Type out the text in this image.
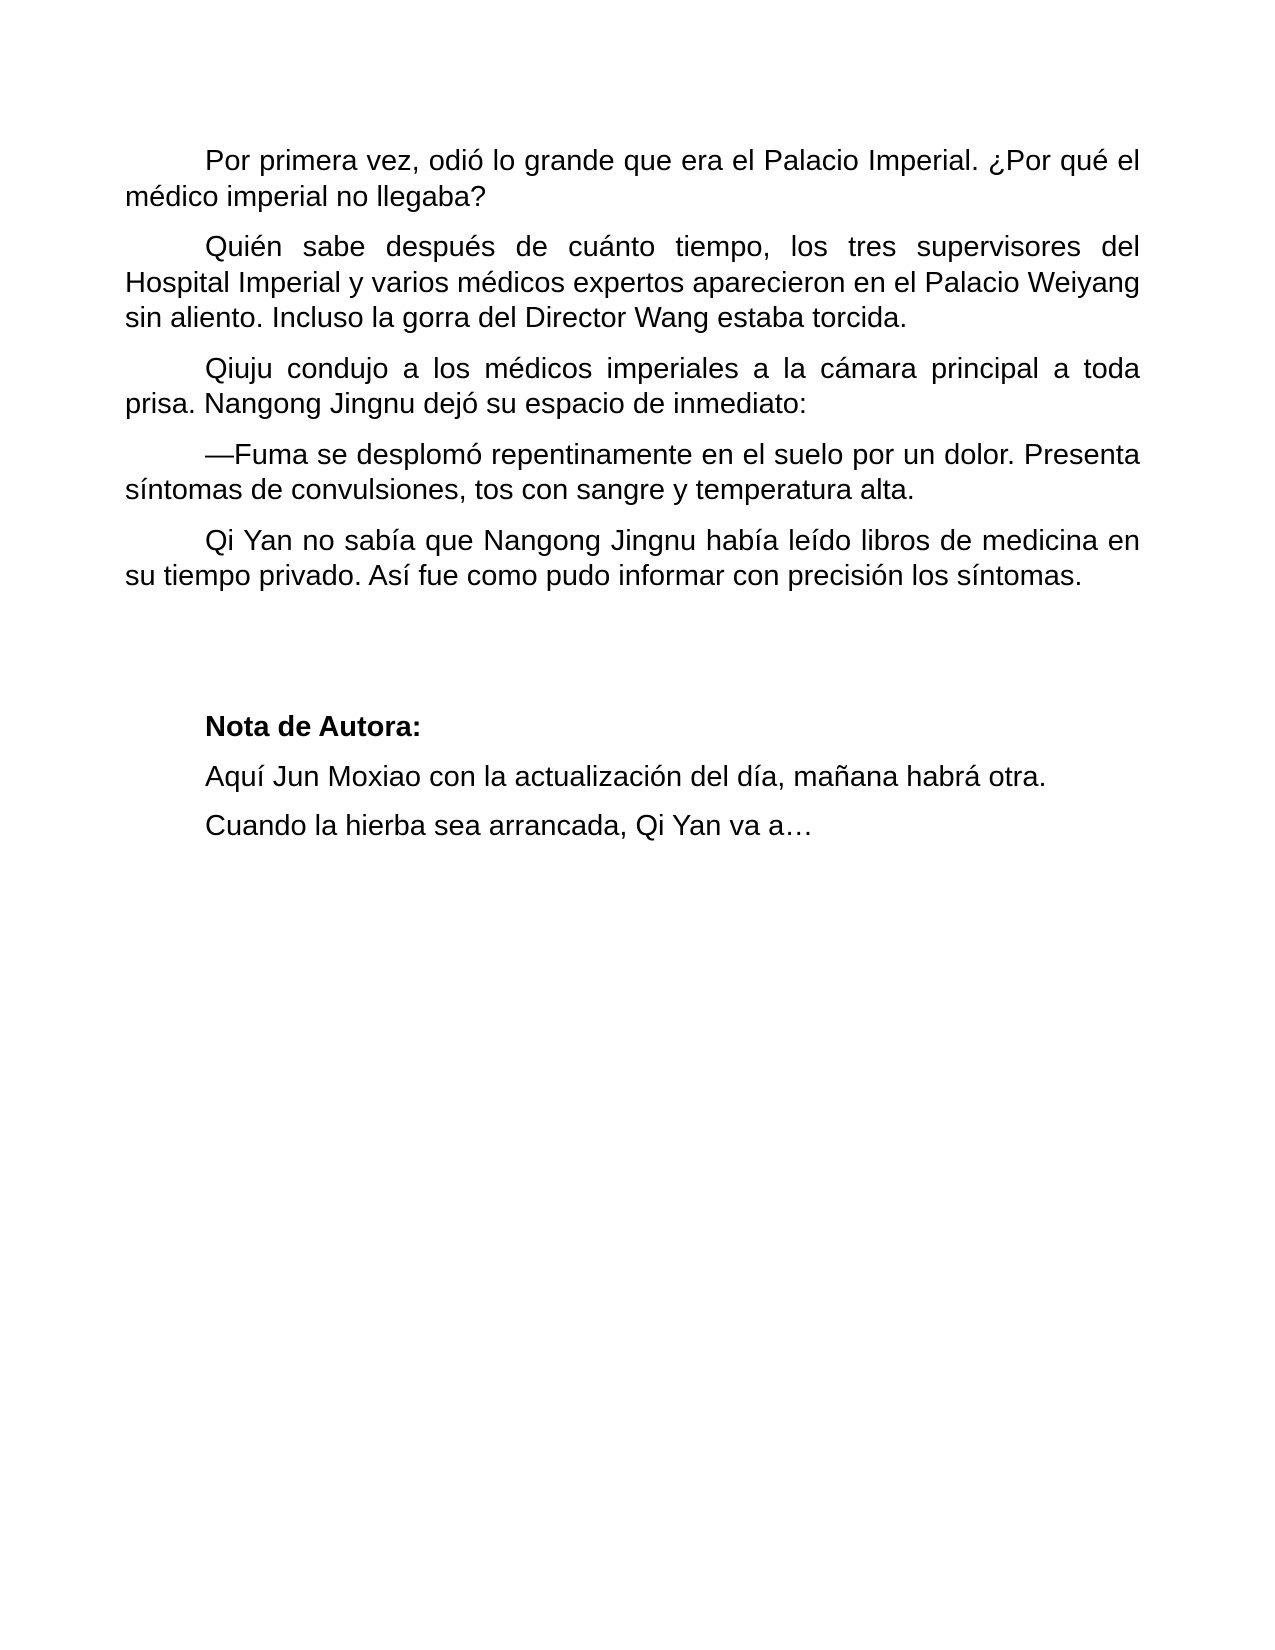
Por primera vez, odió lo grande que era el Palacio Imperial. ¿Por qué el médico imperial no llegaba?

Quién sabe después de cuánto tiempo, los tres supervisores del Hospital Imperial y varios médicos expertos aparecieron en el Palacio Weiyang sin aliento. Incluso la gorra del Director Wang estaba torcida.

Qiuju condujo a los médicos imperiales a la cámara principal a toda prisa. Nangong Jingnu dejó su espacio de inmediato:

—Fuma se desplomó repentinamente en el suelo por un dolor. Presenta síntomas de convulsiones, tos con sangre y temperatura alta.

Qi Yan no sabía que Nangong Jingnu había leído libros de medicina en su tiempo privado. Así fue como pudo informar con precisión los síntomas.

Nota de Autora:

Aquí Jun Moxiao con la actualización del día, mañana habrá otra.

Cuando la hierba sea arrancada, Qi Yan va a…
